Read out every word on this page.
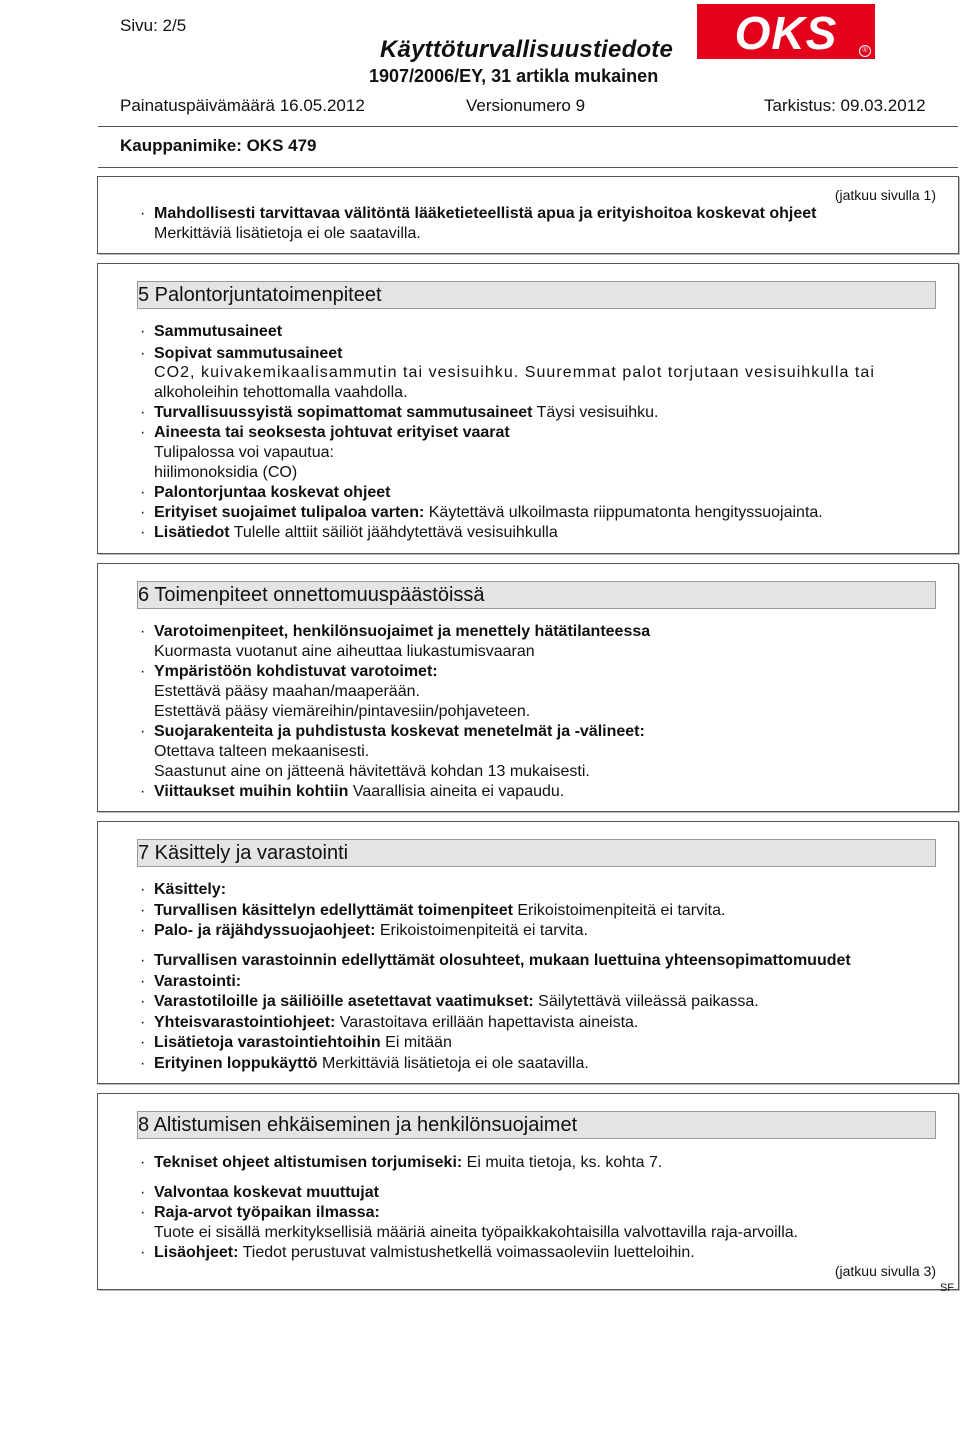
Sivu: 2/5
Käyttöturvallisuustiedote
1907/2006/EY, 31 artikla mukainen
OKS	®
Painatuspäivämäärä 16.05.2012	Versionumero 9	Tarkistus: 09.03.2012
Kauppanimike: OKS 479
(jatkuu sivulla 1)
· Mahdollisesti tarvittavaa välitöntä lääketieteellistä apua ja erityishoitoa koskevat ohjeet
Merkittäviä lisätietoja ei ole saatavilla.
5 Palontorjuntatoimenpiteet
· Sammutusaineet
· Sopivat sammutusaineet
CO2, kuivakemikaalisammutin tai vesisuihku. Suuremmat palot torjutaan vesisuihkulla tai
alkoholeihin tehottomalla vaahdolla.
· Turvallisuussyistä sopimattomat sammutusaineet Täysi vesisuihku.
· Aineesta tai seoksesta johtuvat erityiset vaarat
Tulipalossa voi vapautua:
hiilimonoksidia (CO)
· Palontorjuntaa koskevat ohjeet
· Erityiset suojaimet tulipaloa varten: Käytettävä ulkoilmasta riippumatonta hengityssuojainta.
· Lisätiedot Tulelle alttiit säiliöt jäähdytettävä vesisuihkulla
6 Toimenpiteet onnettomuuspäästöissä
· Varotoimenpiteet, henkilönsuojaimet ja menettely hätätilanteessa
Kuormasta vuotanut aine aiheuttaa liukastumisvaaran
· Ympäristöön kohdistuvat varotoimet:
Estettävä pääsy maahan/maaperään.
Estettävä pääsy viemäreihin/pintavesiin/pohjaveteen.
· Suojarakenteita ja puhdistusta koskevat menetelmät ja -välineet:
Otettava talteen mekaanisesti.
Saastunut aine on jätteenä hävitettävä kohdan 13 mukaisesti.
· Viittaukset muihin kohtiin Vaarallisia aineita ei vapaudu.
7 Käsittely ja varastointi
· Käsittely:
· Turvallisen käsittelyn edellyttämät toimenpiteet Erikoistoimenpiteitä ei tarvita.
· Palo- ja räjähdyssuojaohjeet: Erikoistoimenpiteitä ei tarvita.
· Turvallisen varastoinnin edellyttämät olosuhteet, mukaan luettuina yhteensopimattomuudet
· Varastointi:
· Varastotiloille ja säiliöille asetettavat vaatimukset: Säilytettävä viileässä paikassa.
· Yhteisvarastointiohjeet: Varastoitava erillään hapettavista aineista.
· Lisätietoja varastointiehtoihin Ei mitään
· Erityinen loppukäyttö Merkittäviä lisätietoja ei ole saatavilla.
8 Altistumisen ehkäiseminen ja henkilönsuojaimet
· Tekniset ohjeet altistumisen torjumiseki: Ei muita tietoja, ks. kohta 7.
· Valvontaa koskevat muuttujat
· Raja-arvot työpaikan ilmassa:
Tuote ei sisällä merkityksellisiä määriä aineita työpaikkakohtaisilla valvottavilla raja-arvoilla.
· Lisäohjeet: Tiedot perustuvat valmistushetkellä voimassaoleviin luetteloihin.
(jatkuu sivulla 3)
SF
